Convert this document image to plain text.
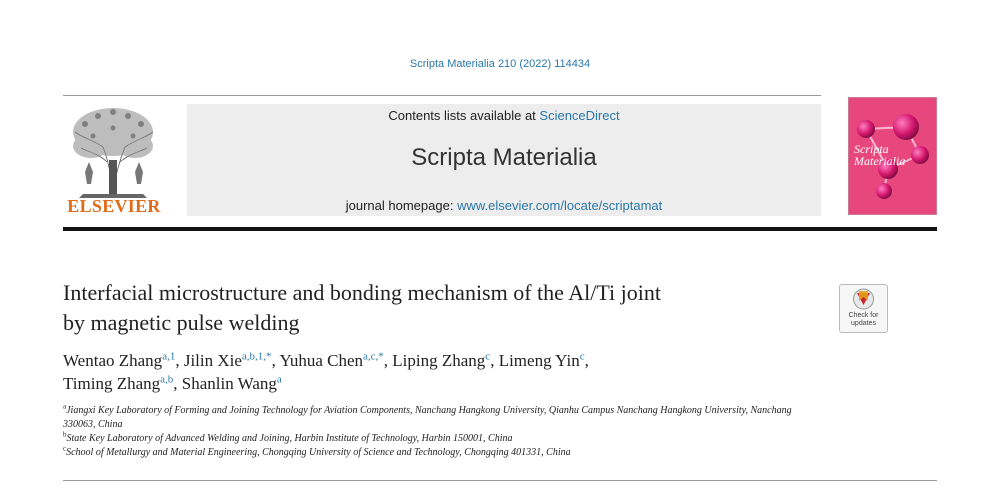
Scripta Materialia 210 (2022) 114434
ELSEVIER
Contents lists available at ScienceDirect
Scripta Materialia
journal homepage: www.elsevier.com/locate/scriptamat
Scripta
Materialia
Interfacial microstructure and bonding mechanism of the Al/Ti joint
by magnetic pulse welding	Check for
updates
Wentao Zhang$^{a,1}$, Jilin Xie$^{a,b,1,*}$, Yuhua Chen$^{a,c,*}$, Liping Zhang$^c$, Limeng Yin$^c$,
Timing Zhang$^{a,b}$, Shanlin Wang$^a$

$^a$Jiangxi Key Laboratory of Forming and Joining Technology for Aviation Components, Nanchang Hangkong University, Qianhu Campus Nanchang Hangkong University, Nanchang 330063, China

$^b$State Key Laboratory of Advanced Welding and Joining, Harbin Institute of Technology, Harbin 150001, China

$^c$School of Metallurgy and Material Engineering, Chongqing University of Science and Technology, Chongqing 401331, China
